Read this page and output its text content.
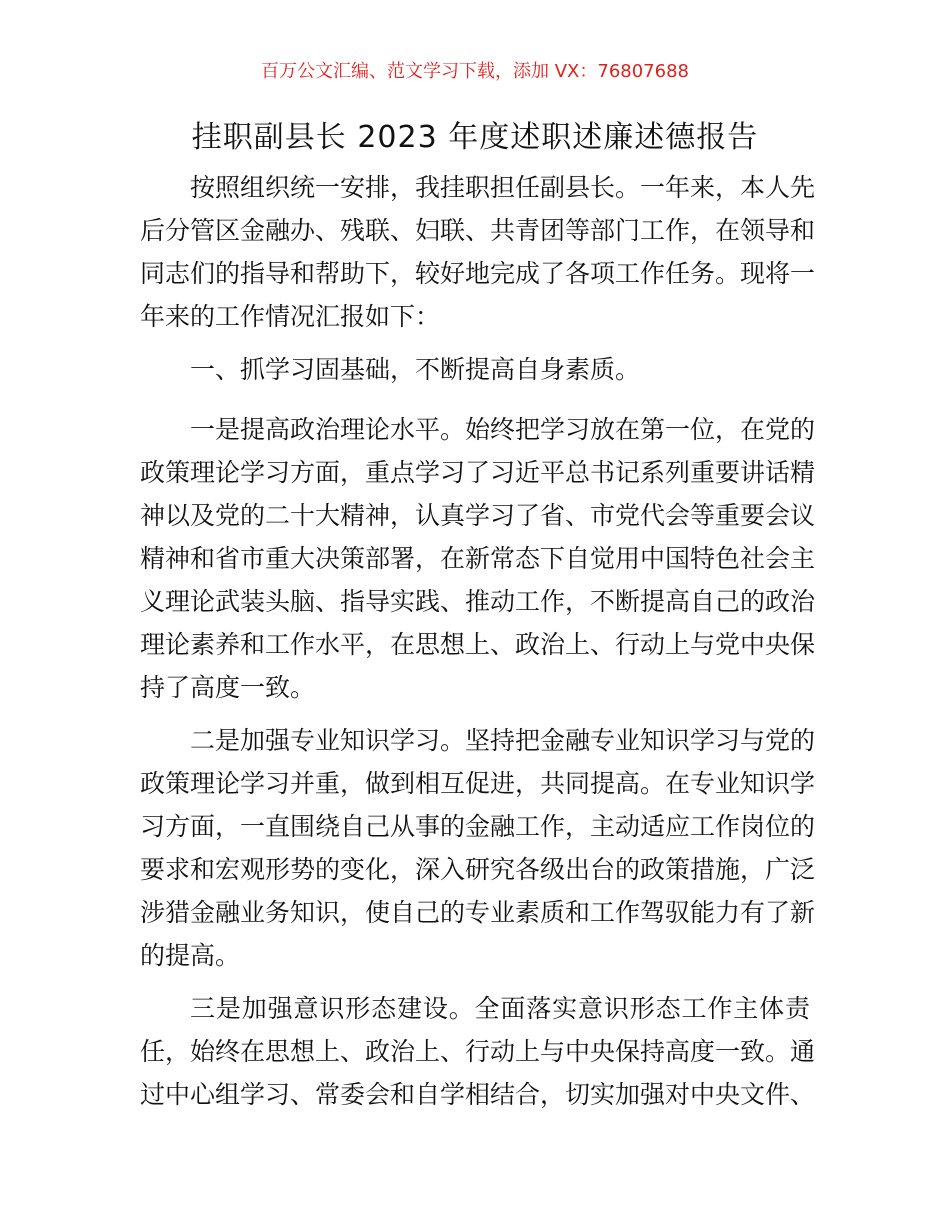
百万公文汇编、范文学习下载，添加 VX：76807688
挂职副县长 2023 年度述职述廉述德报告
按照组织统一安排，我挂职担任副县长。一年来，本人先
后分管区金融办、残联、妇联、共青团等部门工作，在领导和
同志们的指导和帮助下，较好地完成了各项工作任务。现将一
年来的工作情况汇报如下：
一、抓学习固基础，不断提高自身素质。
一是提高政治理论水平。始终把学习放在第一位，在党的
政策理论学习方面，重点学习了习近平总书记系列重要讲话精
神以及党的二十大精神，认真学习了省、市党代会等重要会议
精神和省市重大决策部署，在新常态下自觉用中国特色社会主
义理论武装头脑、指导实践、推动工作，不断提高自己的政治
理论素养和工作水平，在思想上、政治上、行动上与党中央保
持了高度一致。
二是加强专业知识学习。坚持把金融专业知识学习与党的
政策理论学习并重，做到相互促进，共同提高。在专业知识学
习方面，一直围绕自己从事的金融工作，主动适应工作岗位的
要求和宏观形势的变化，深入研究各级出台的政策措施，广泛
涉猎金融业务知识，使自己的专业素质和工作驾驭能力有了新
的提高。
三是加强意识形态建设。全面落实意识形态工作主体责
任，始终在思想上、政治上、行动上与中央保持高度一致。通
过中心组学习、常委会和自学相结合，切实加强对中央文件、
